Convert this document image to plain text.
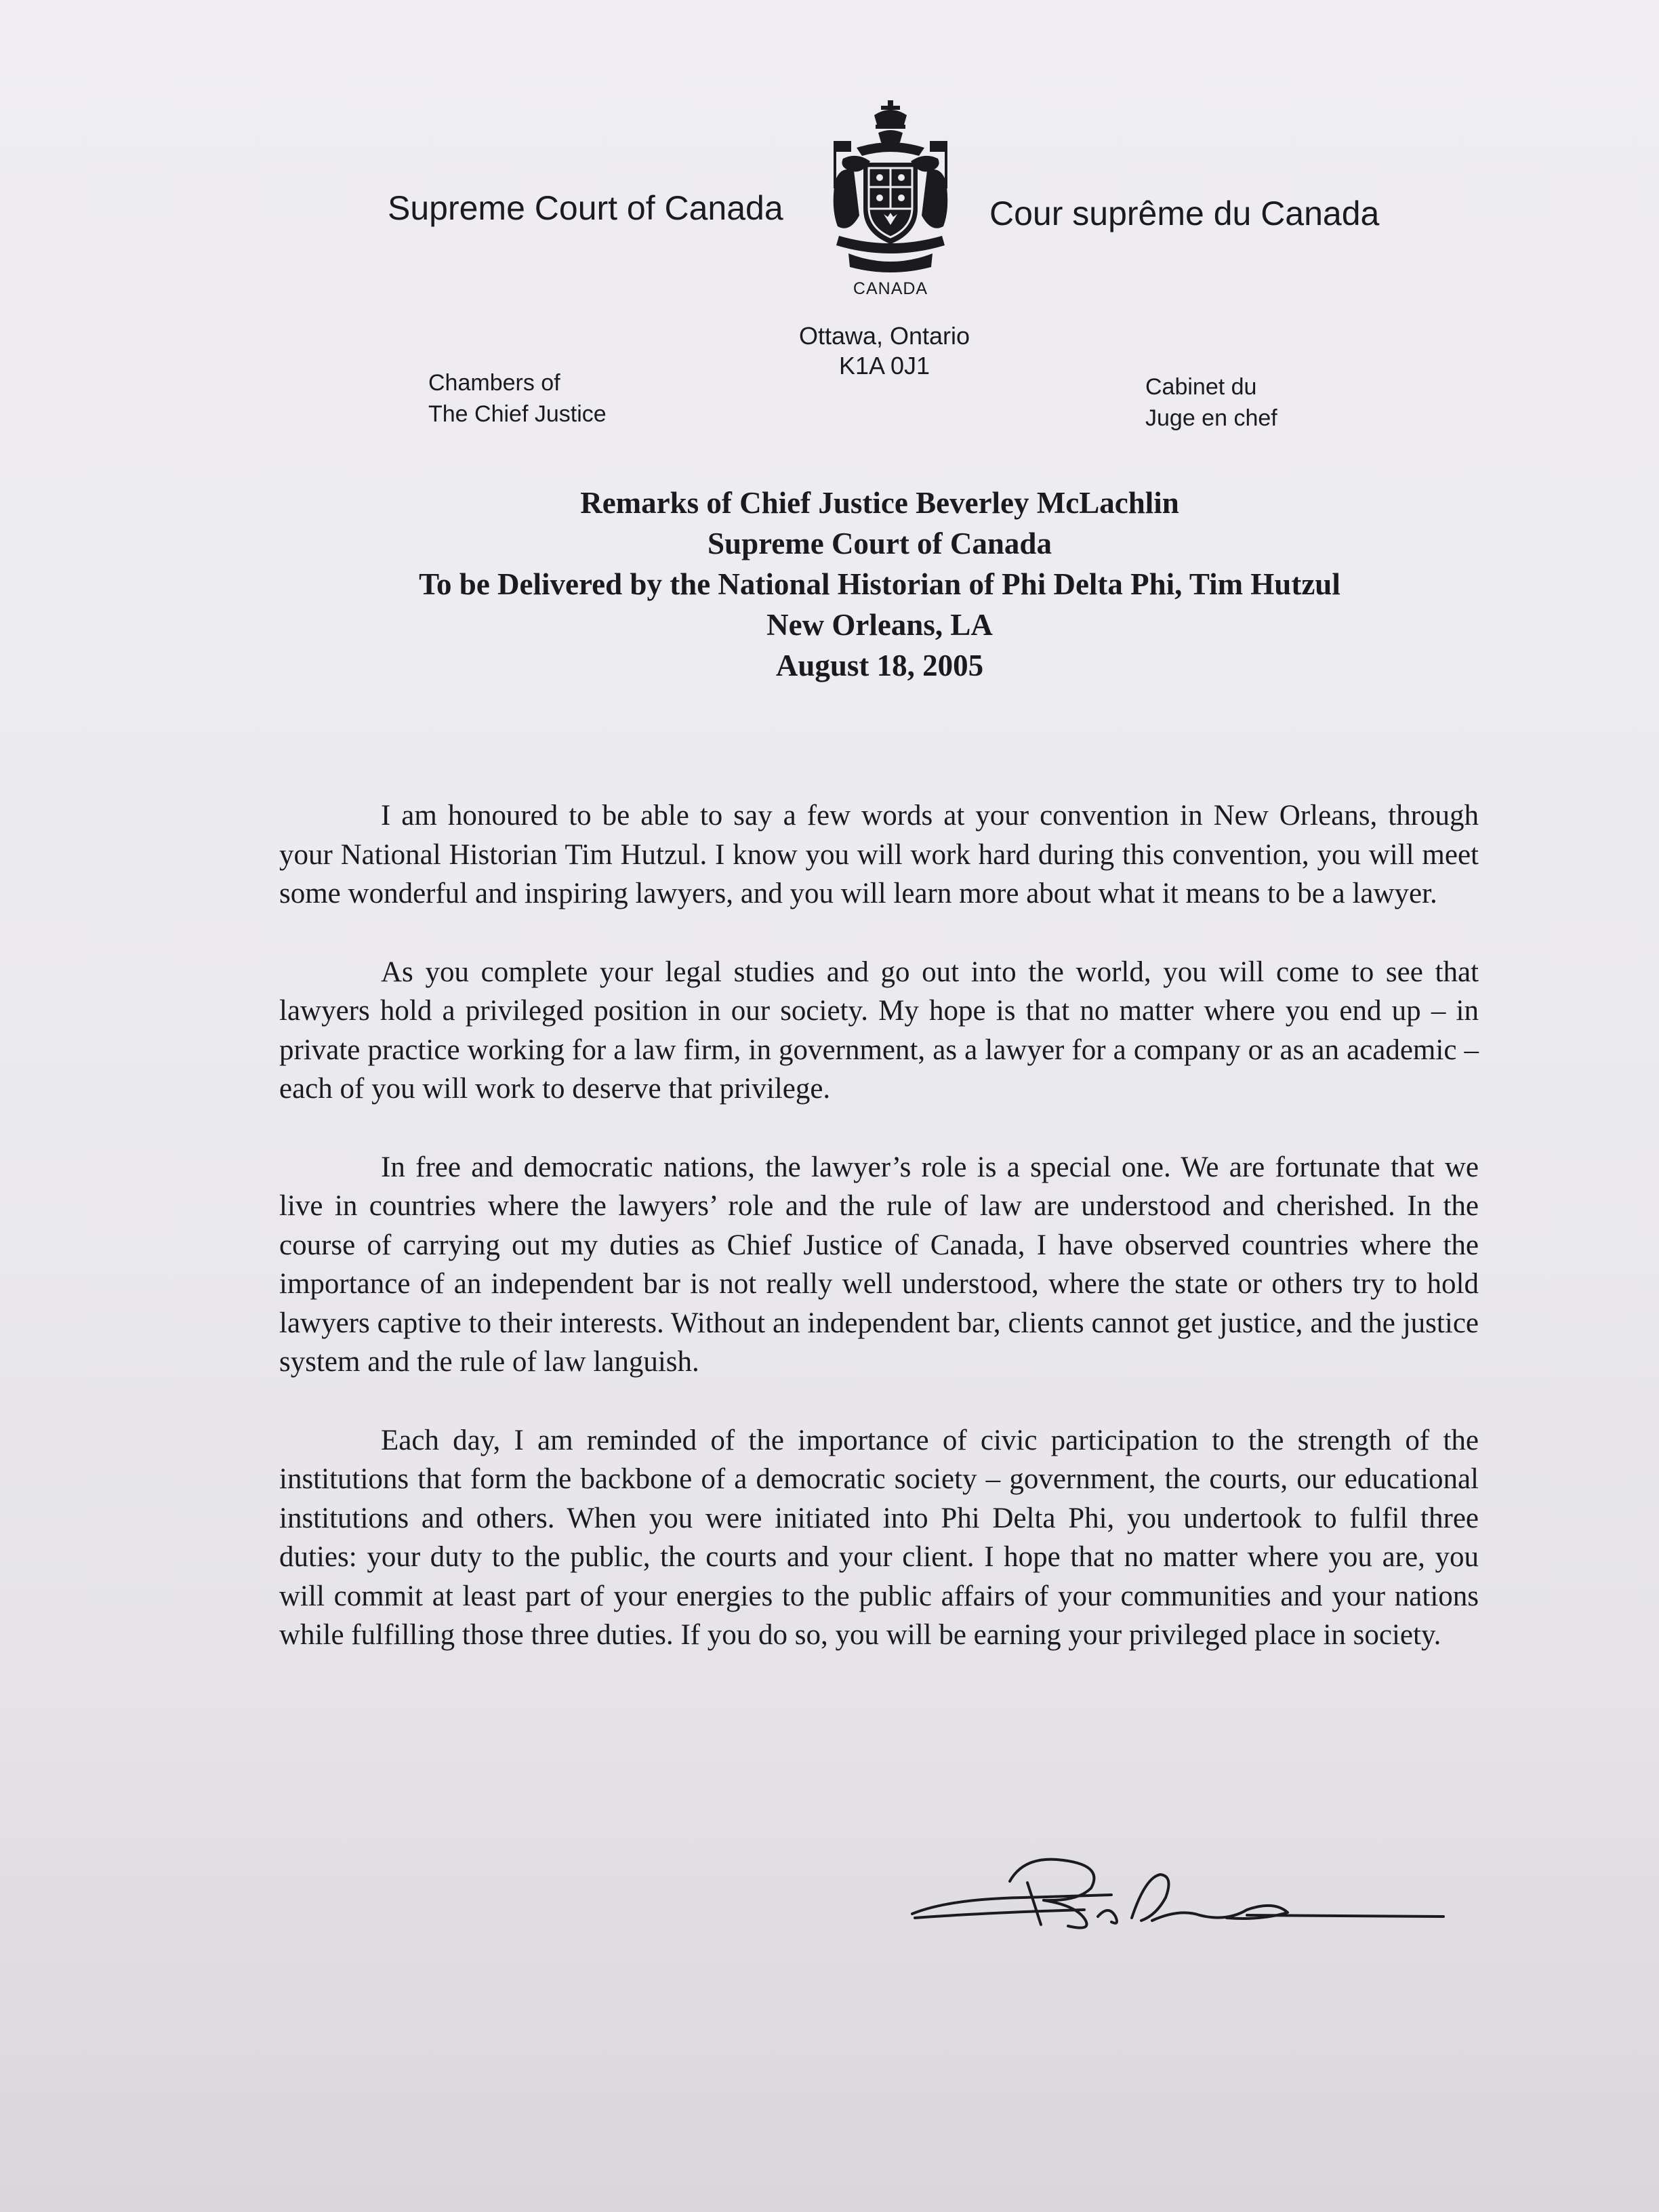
Supreme Court of Canada
CANADA
Cour suprême du Canada
Ottawa, Ontario
K1A 0J1
Chambers of
The Chief Justice
Cabinet du
Juge en chef
Remarks of Chief Justice Beverley McLachlin
Supreme Court of Canada
To be Delivered by the National Historian of Phi Delta Phi, Tim Hutzul
New Orleans, LA
August 18, 2005

I am honoured to be able to say a few words at your convention in New Orleans, through your National Historian Tim Hutzul. I know you will work hard during this convention, you will meet some wonderful and inspiring lawyers, and you will learn more about what it means to be a lawyer.

As you complete your legal studies and go out into the world, you will come to see that lawyers hold a privileged position in our society. My hope is that no matter where you end up – in private practice working for a law firm, in government, as a lawyer for a company or as an academic – each of you will work to deserve that privilege.

In free and democratic nations, the lawyer’s role is a special one. We are fortunate that we live in countries where the lawyers’ role and the rule of law are understood and cherished. In the course of carrying out my duties as Chief Justice of Canada, I have observed countries where the importance of an independent bar is not really well understood, where the state or others try to hold lawyers captive to their interests. Without an independent bar, clients cannot get justice, and the justice system and the rule of law languish.

Each day, I am reminded of the importance of civic participation to the strength of the institutions that form the backbone of a democratic society – government, the courts, our educational institutions and others. When you were initiated into Phi Delta Phi, you undertook to fulfil three duties: your duty to the public, the courts and your client. I hope that no matter where you are, you will commit at least part of your energies to the public affairs of your communities and your nations while fulfilling those three duties. If you do so, you will be earning your privileged place in society.
